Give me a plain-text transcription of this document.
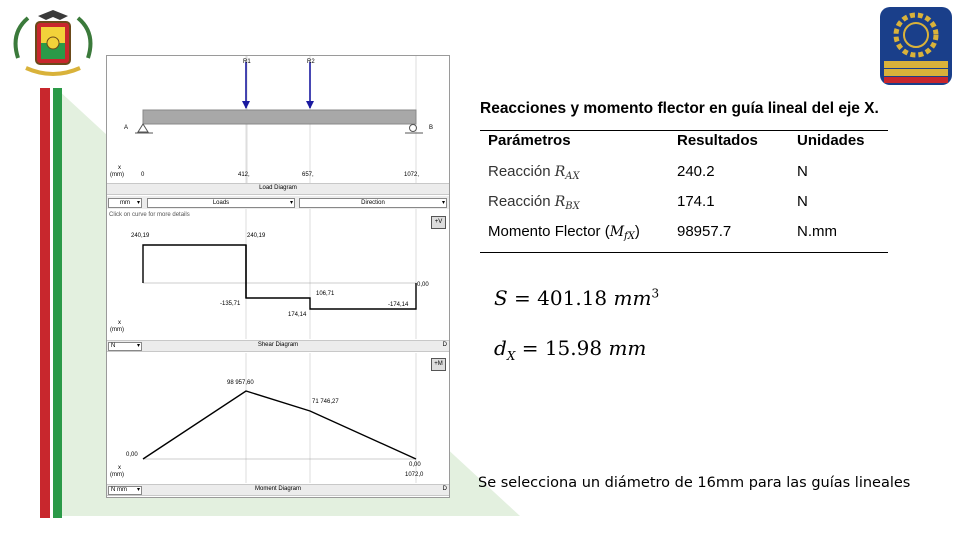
R1	R2
A	B
x
(mm)	0	412,	657,	1072,
Load Diagram
mm ▾	Loads ▾	Direction ▾
Click on curve for more details
+V
240,19	240,19
-135,71
106,71
174,14
-174,14
0,00
x
(mm)
N ▾	Shear Diagram	D
+M
98 957,60
71 746,27
0,00
0,00
1072,0
x
(mm)
N mm ▾	Moment Diagram	D
Reacciones y momento flector en guía lineal del eje X.
Parámetros	Resultados	Unidades
Reacción $R_{AX}$	240.2	N
Reacción $R_{BX}$	174.1	N
Momento Flector $(M_{fX})$ 98957.7	N.mm
S = 401.18 $mm^3$
$d_X = 15.98$ mm
Se selecciona un diámetro de 16mm para las guías lineales
